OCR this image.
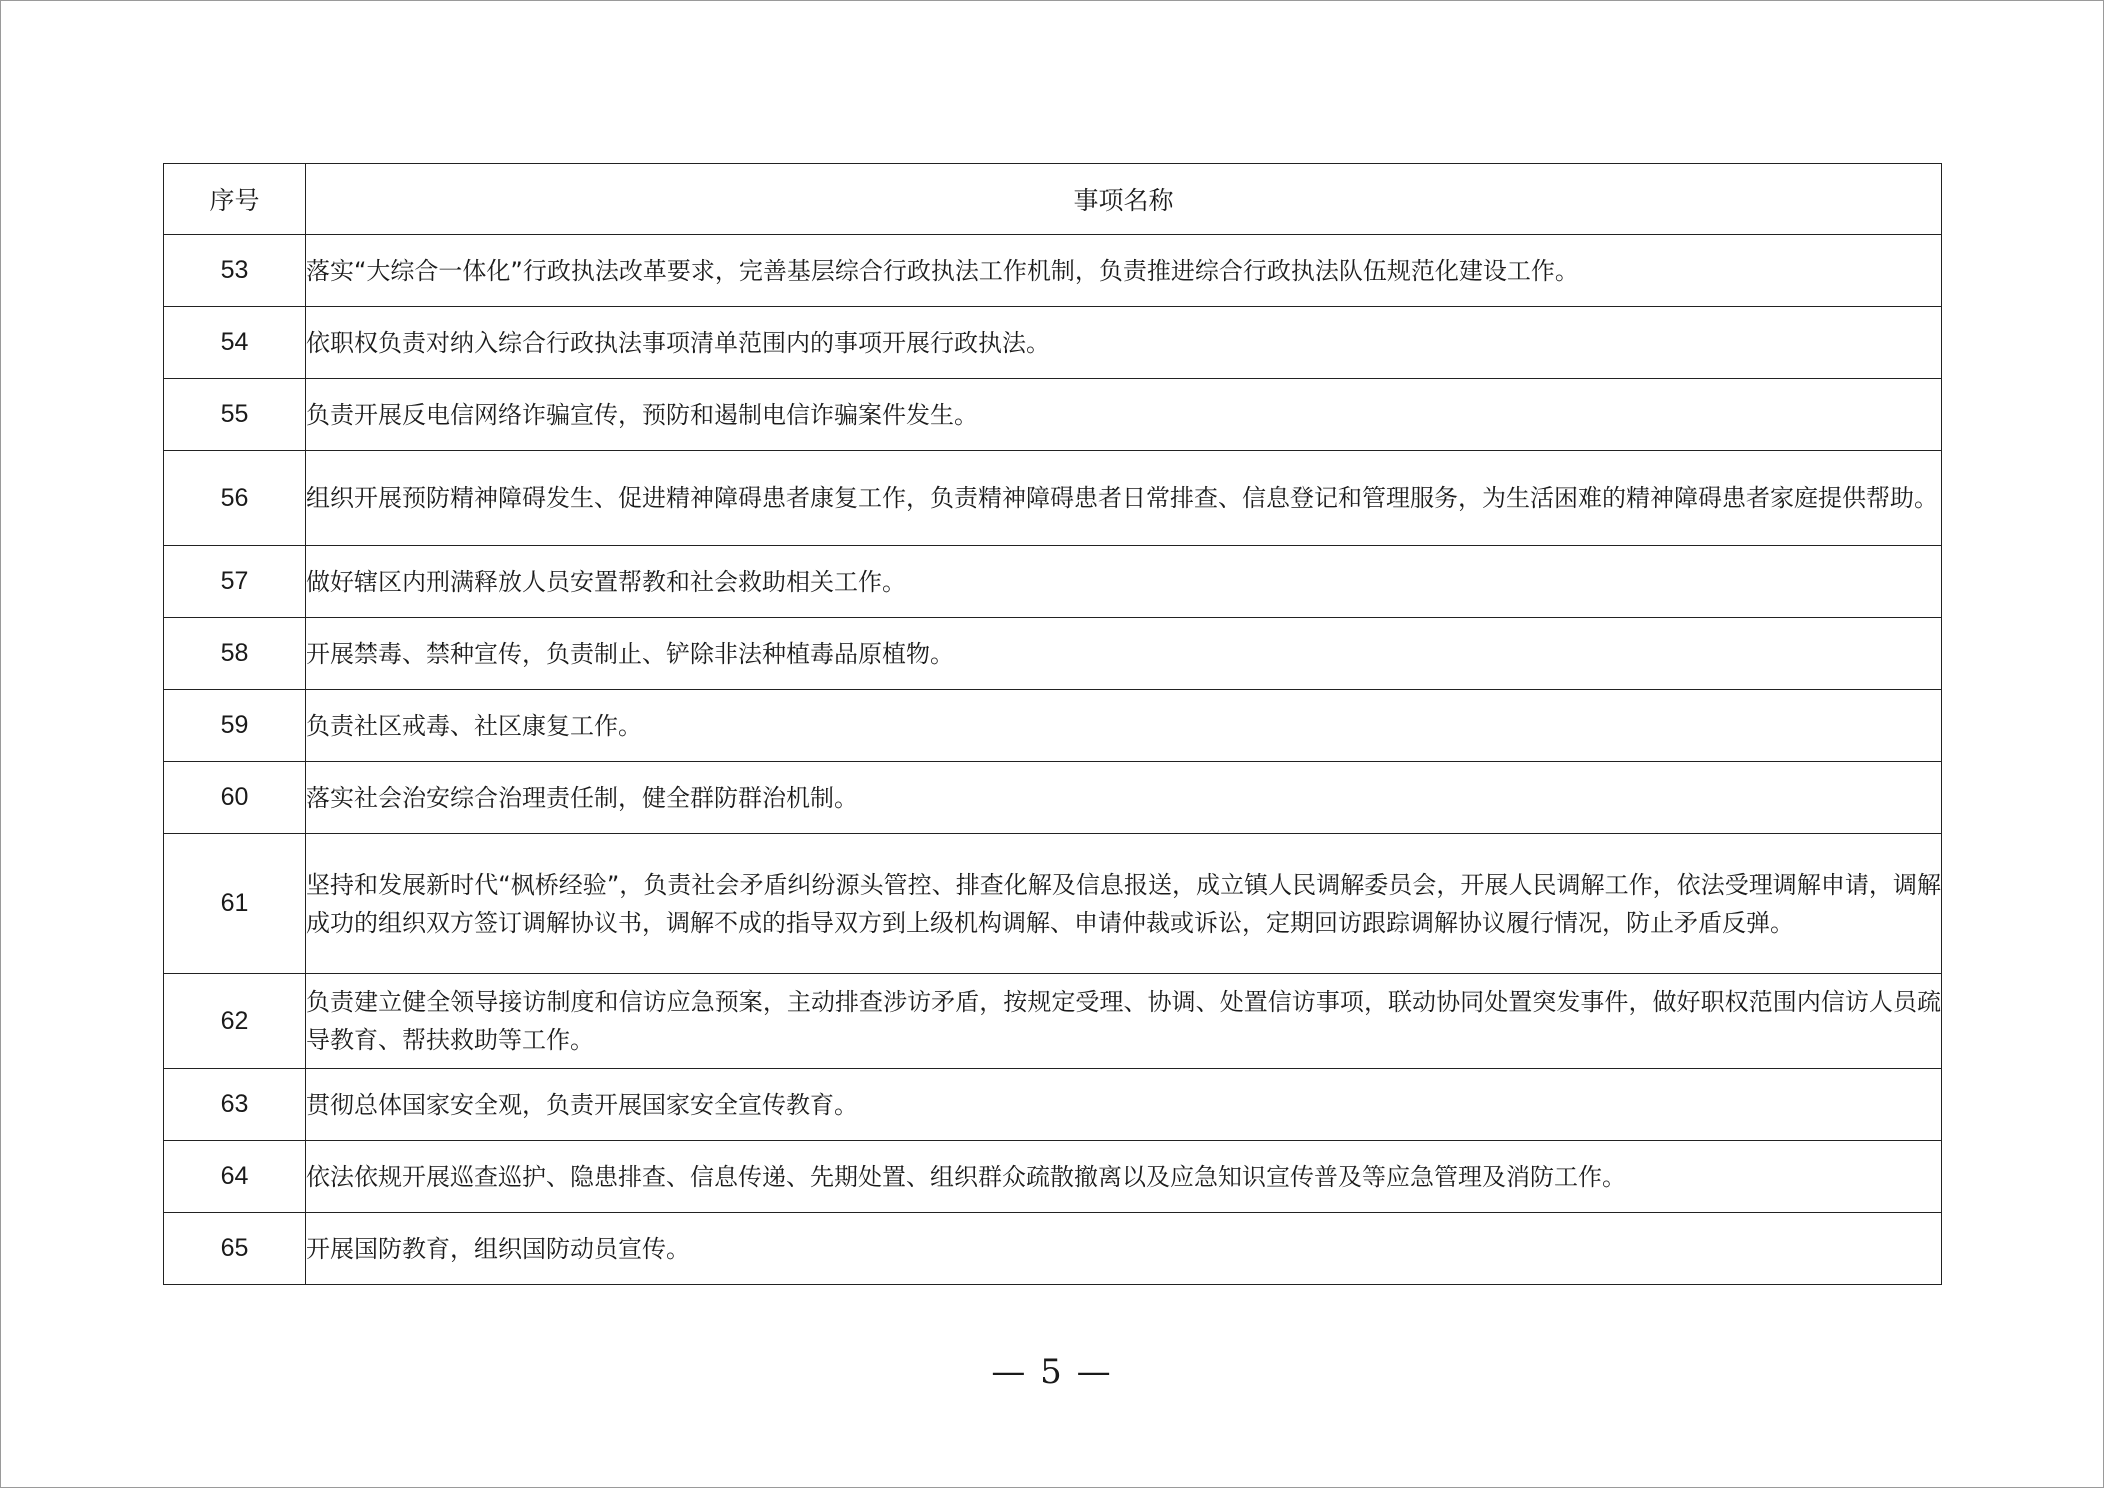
序号	事项名称
53	落实“大综合一体化”行政执法改革要求，完善基层综合行政执法工作机制，负责推进综合行政执法队伍规范化建设工作。
54	依职权负责对纳入综合行政执法事项清单范围内的事项开展行政执法。
55	负责开展反电信网络诈骗宣传，预防和遏制电信诈骗案件发生。
56	组织开展预防精神障碍发生、促进精神障碍患者康复工作，负责精神障碍患者日常排查、信息登记和管理服务，为生活困难的精神障碍患者家庭提供帮助。
57	做好辖区内刑满释放人员安置帮教和社会救助相关工作。
58	开展禁毒、禁种宣传，负责制止、铲除非法种植毒品原植物。
59	负责社区戒毒、社区康复工作。
60	落实社会治安综合治理责任制，健全群防群治机制。
61	坚持和发展新时代“枫桥经验”，负责社会矛盾纠纷源头管控、排查化解及信息报送，成立镇人民调解委员会，开展人民调解工作，依法受理调解申请，调解成功的组织双方签订调解协议书，调解不成的指导双方到上级机构调解、申请仲裁或诉讼，定期回访跟踪调解协议履行情况，防止矛盾反弹。
62	负责建立健全领导接访制度和信访应急预案，主动排查涉访矛盾，按规定受理、协调、处置信访事项，联动协同处置突发事件，做好职权范围内信访人员疏导教育、帮扶救助等工作。
63	贯彻总体国家安全观，负责开展国家安全宣传教育。
64	依法依规开展巡查巡护、隐患排查、信息传递、先期处置、组织群众疏散撤离以及应急知识宣传普及等应急管理及消防工作。
65	开展国防教育，组织国防动员宣传。
— 5 —
